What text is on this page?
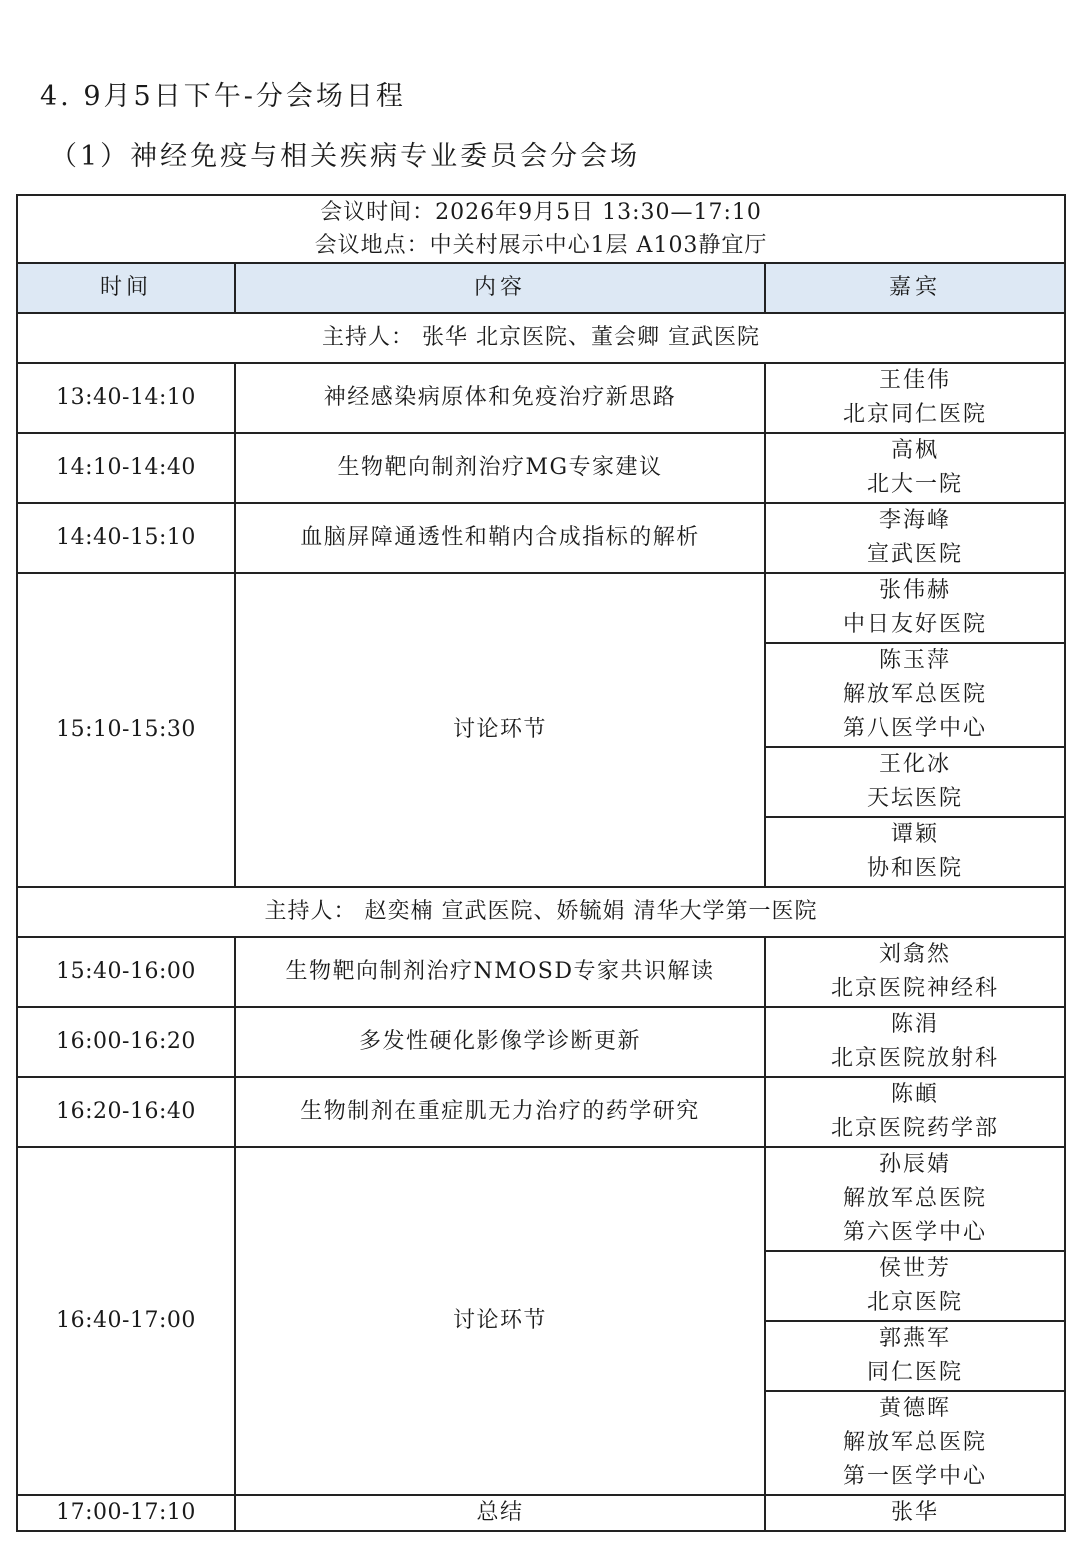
4. 9月5日下午-分会场日程
（1）神经免疫与相关疾病专业委员会分会场
会议时间：2026年9月5日 13:30—17:10
会议地点：中关村展示中心1层 A103静宜厅		

时间	内容	嘉宾
主持人： 张华 北京医院、董会卿 宣武医院		
13:40-14:10	神经感染病原体和免疫治疗新思路	王佳伟
北京同仁医院

14:10-14:40	生物靶向制剂治疗MG专家建议	高枫
北大一院

14:40-15:10	血脑屏障通透性和鞘内合成指标的解析	李海峰
宣武医院

15:10-15:30	讨论环节	张伟赫
中日友好医院

		陈玉萍
解放军总医院
第八医学中心

		王化冰
天坛医院

		谭颖
协和医院

主持人： 赵奕楠 宣武医院、娇毓娟 清华大学第一医院		
15:40-16:00	生物靶向制剂治疗NMOSD专家共识解读	刘翕然
北京医院神经科

16:00-16:20	多发性硬化影像学诊断更新	陈涓
北京医院放射科

16:20-16:40	生物制剂在重症肌无力治疗的药学研究	陈頔
北京医院药学部

16:40-17:00	讨论环节	孙辰婧
解放军总医院
第六医学中心

		侯世芳
北京医院

		郭燕军
同仁医院

		黄德晖
解放军总医院
第一医学中心

17:00-17:10	总结	张华
